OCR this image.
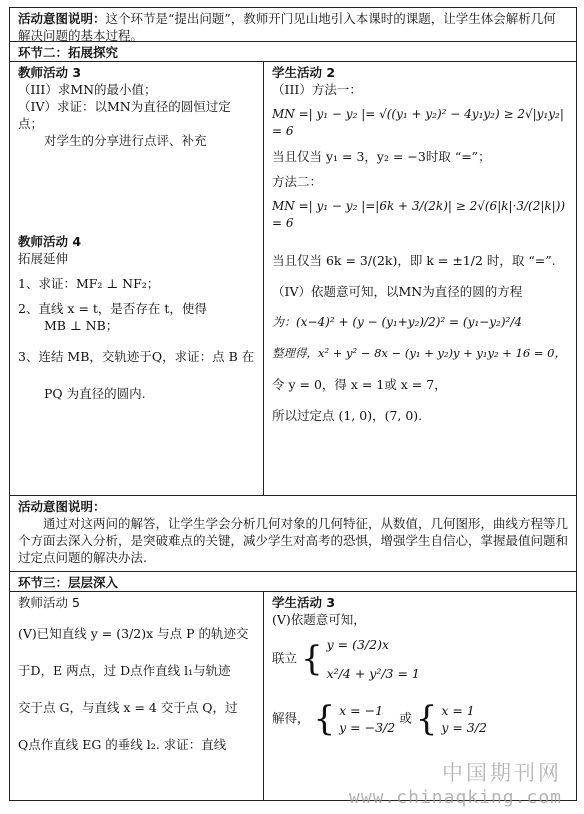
活动意图说明：这个环节是“提出问题”，教师开门见山地引入本课时的课题，让学生体会解析几何解决问题的基本过程。
环节二：拓展探究
教师活动 3
（III）求MN的最小值；
（IV）求证：以MN为直径的圆恒过定点；
对学生的分享进行点评、补充
教师活动 4
拓展延伸
1、求证：MF₂ ⊥ NF₂；
2、直线 x = t，是否存在 t，使得
MB ⊥ NB；
3、连结 MB，交轨迹于Q，求证：点 B 在
PQ 为直径的圆内.
学生活动 2
（III）方法一：
MN =| y₁ − y₂ |= √((y₁ + y₂)² − 4y₁y₂) ≥ 2√|y₁y₂| = 6
当且仅当 y₁ = 3，y₂ = −3时取 “=”；
方法二：
MN =| y₁ − y₂ |=|6k + 3/(2k)| ≥ 2√(6|k|·3/(2|k|)) = 6
当且仅当 6k = 3/(2k)，即 k = ±1/2 时，取 “=”.
（IV）依题意可知，以MN为直径的圆的方程
为：(x−4)² + (y − (y₁+y₂)/2)² = (y₁−y₂)²/4
整理得，x² + y² − 8x − (y₁ + y₂)y + y₁y₂ + 16 = 0，
令 y = 0，得 x = 1或 x = 7，
所以过定点 (1, 0)，(7, 0).
活动意图说明：
通过对这两问的解答，让学生学会分析几何对象的几何特征，从数值，几何图形，曲线方程等几个方面去深入分析，是突破难点的关键，减少学生对高考的恐惧，增强学生自信心，掌握最值问题和过定点问题的解决办法.
环节三：层层深入
教师活动 5
(V)已知直线 y = (3/2)x 与点 P 的轨迹交
于D，E 两点，过 D点作直线 l₁与轨迹
交于点 G，与直线 x = 4 交于点 Q，过
Q点作直线 EG 的垂线 l₂. 求证：直线
学生活动 3
(V)依题意可知，
联立 { y = (3/2)x
x²/4 + y²/3 = 1
解得， { x = −1
y = −3/2
或 { x = 1
y = 3/2
中国期刊网
www.chinaqking.com
